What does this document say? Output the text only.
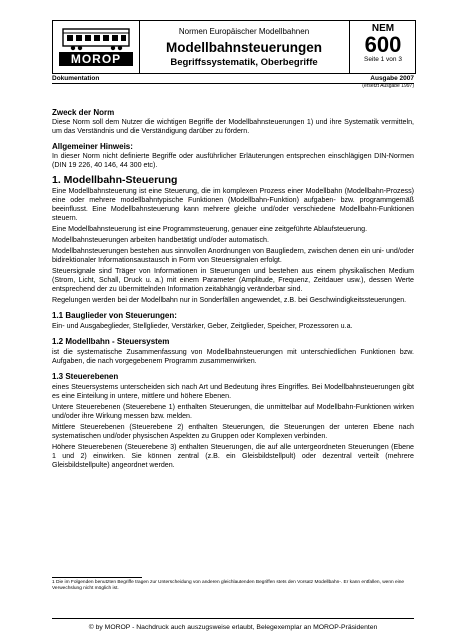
MOROP
Normen Europäischer Modellbahnen
Modellbahnsteuerungen
Begriffssystematik, Oberbegriffe
NEM
600
Seite 1 von 3
Dokumentation	Ausgabe 2007
(ersetzt Ausgabe 1997)
Zweck der Norm

Diese Norm soll dem Nutzer die wichtigen Begriffe der Modellbahnsteuerungen 1) und ihre Systematik vermitteln, um das Verständnis und die Verständigung darüber zu fördern.

Allgemeiner Hinweis:

In dieser Norm nicht definierte Begriffe oder ausführlicher Erläuterungen entsprechen einschlägigen DIN-Normen (DIN 19 226, 40 146, 44 300 etc).

1. Modellbahn-Steuerung

Eine Modellbahnsteuerung ist eine Steuerung, die im komplexen Prozess einer Modellbahn (Modellbahn-Prozess) eine oder mehrere modellbahntypische Funktionen (Modellbahn-Funktion) aufgaben- bzw. programmgemäß beeinflusst. Eine Modellbahnsteuerung kann mehrere gleiche und/oder verschiedene Modellbahn-Funktionen steuern.

Eine Modellbahnsteuerung ist eine Programmsteuerung, genauer eine zeitgeführte Ablaufsteuerung.

Modellbahnsteuerungen arbeiten handbetätigt und/oder automatisch.

Modellbahnsteuerungen bestehen aus sinnvollen Anordnungen von Baugliedern, zwischen denen ein uni- und/oder bidirektionaler Informationsaustausch in Form von Steuersignalen erfolgt.

Steuersignale sind Träger von Informationen in Steuerungen und bestehen aus einem physikalischen Medium (Strom, Licht, Schall, Druck u. a.) mit einem Parameter (Amplitude, Frequenz, Zeitdauer usw.), dessen Werte entsprechend der zu übermittelnden Information zeitabhängig veränderbar sind.

Regelungen werden bei der Modellbahn nur in Sonderfällen angewendet, z.B. bei Geschwindigkeitssteuerungen.

1.1 Bauglieder von Steuerungen:

Ein- und Ausgabeglieder, Stellglieder, Verstärker, Geber, Zeitglieder, Speicher, Prozessoren u.a.

1.2 Modellbahn - Steuersystem

ist die systematische Zusammenfassung von Modellbahnsteuerungen mit unterschiedlichen Funktionen bzw. Aufgaben, die nach vorgegebenem Programm zusammenwirken.

1.3 Steuerebenen

eines Steuersystems unterscheiden sich nach Art und Bedeutung ihres Eingriffes. Bei Modellbahnsteuerungen gibt es eine Einteilung in untere, mittlere und höhere Ebenen.

Untere Steuerebenen (Steuerebene 1) enthalten Steuerungen, die unmittelbar auf Modellbahn-Funktionen wirken und/oder ihre Wirkung messen bzw. melden.

Mittlere Steuerebenen (Steuerebene 2) enthalten Steuerungen, die Steuerungen der unteren Ebene nach systematischen und/oder physischen Aspekten zu Gruppen oder Komplexen verbinden.

Höhere Steuerebenen (Steuerebene 3) enthalten Steuerungen, die auf alle untergeordneten Steuerungen (Ebene 1 und 2) einwirken. Sie können zentral (z.B. ein Gleisbildstellpult) oder dezentral verteilt (mehrere Gleisbildstellpulte) angeordnet werden.

1 Die im Folgenden benutzten Begriffe tragen zur Unterscheidung von anderen gleichlautenden Begriffen stets den Vorsatz Modellbahn-. Er kann entfallen, wenn eine Verwechslung nicht möglich ist.
© by MOROP - Nachdruck auch auszugsweise erlaubt, Belegexemplar an MOROP-Präsidenten
